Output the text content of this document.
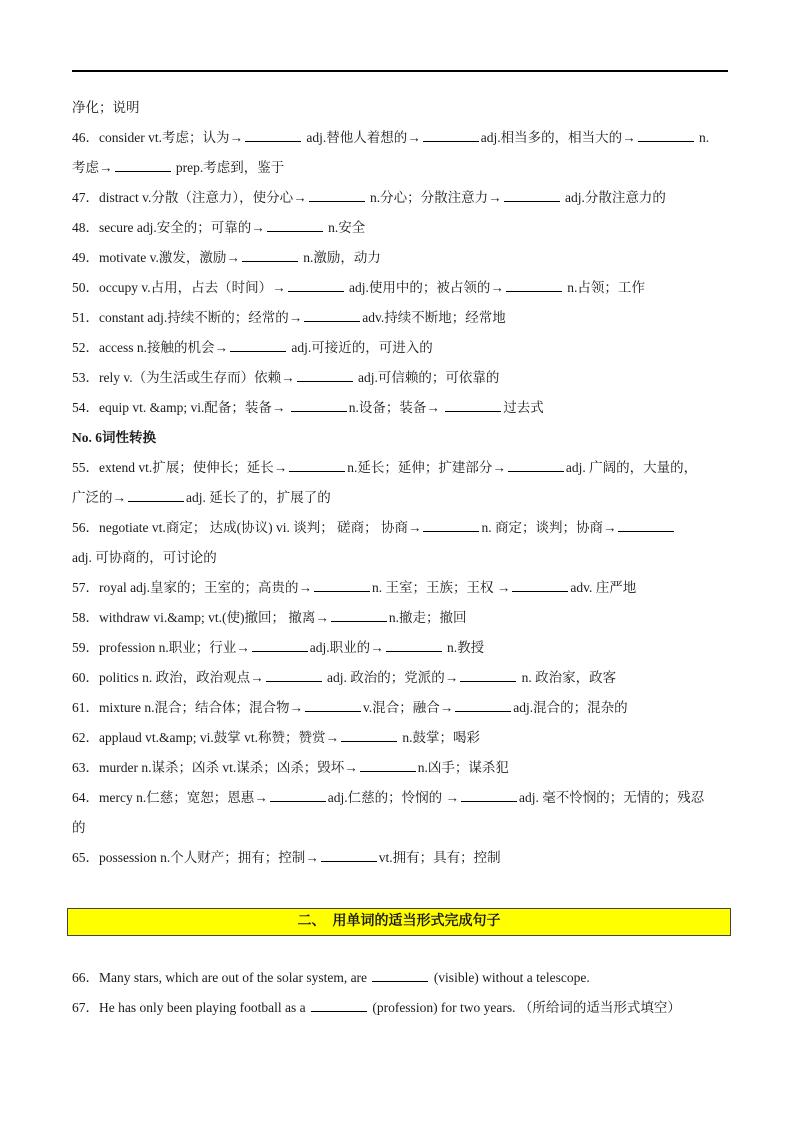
净化；说明
46．consider vt.考虑；认为→	adj.替他人着想的→	adj.相当多的，相当大的→	n.
考虑→	prep.考虑到，鉴于
47．distract v.分散（注意力），使分心→	n.分心；分散注意力→	adj.分散注意力的
48．secure adj.安全的；可靠的→	n.安全
49．motivate v.激发，激励→	n.激励，动力
50．occupy v.占用，占去（时间）→	adj.使用中的；被占领的→	n.占领；工作
51．constant adj.持续不断的；经常的→	adv.持续不断地；经常地
52．access n.接触的机会→	adj.可接近的，可进入的
53．rely v.（为生活或生存而）依赖→	adj.可信赖的；可依靠的
54．equip vt. &amp; vi.配备；装备→	n.设备；装备→	过去式
No. 6词性转换
55．extend vt.扩展；使伸长；延长→	n.延长；延伸；扩建部分→	adj. 广阔的，大量的，
广泛的→	adj. 延长了的，扩展了的
56．negotiate vt.商定； 达成(协议) vi. 谈判； 磋商； 协商→	n. 商定；谈判；协商→
adj. 可协商的，可讨论的
57．royal adj.皇家的；王室的；高贵的→	n. 王室；王族；王权 →	adv. 庄严地
58．withdraw vi.&amp; vt.(使)撤回； 撤离→	n.撤走；撤回
59．profession n.职业；行业→	adj.职业的→	n.教授
60．politics n. 政治，政治观点→	adj. 政治的；党派的→	n. 政治家，政客
61．mixture n.混合；结合体；混合物→	v.混合；融合→	adj.混合的；混杂的
62．applaud vt.&amp; vi.鼓掌 vt.称赞；赞赏→	n.鼓掌；喝彩
63．murder n.谋杀；凶杀 vt.谋杀；凶杀；毁坏→	n.凶手；谋杀犯
64．mercy n.仁慈；宽恕；恩惠→	adj.仁慈的；怜悯的 →	adj. 毫不怜悯的；无情的；残忍
的
65．possession n.个人财产；拥有；控制→	vt.拥有；具有；控制
二、　用单词的适当形式完成句子
66．Many stars, which are out of the solar system, are	(visible) without a telescope.
67．He has only been playing football as a	(profession) for two years. （所给词的适当形式填空）
